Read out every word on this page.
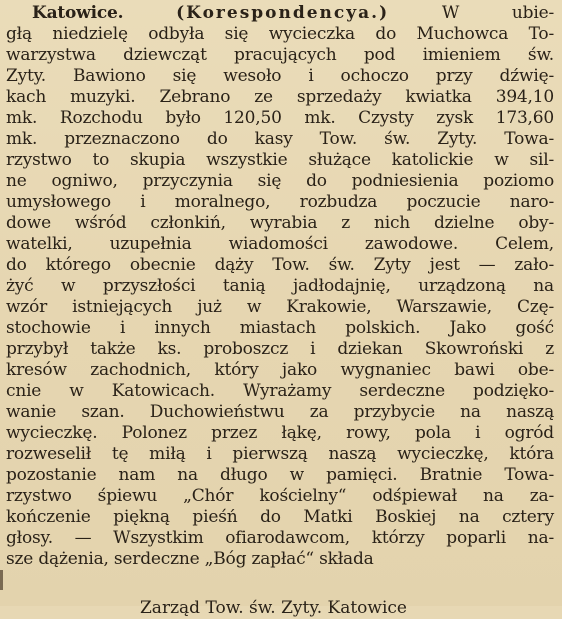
Katowice.	(Korespondencya.)	W ubie-
głą niedzielę odbyła się wycieczka do Muchowca To-
warzystwa dziewcząt pracujących pod imieniem św.
Zyty. Bawiono się wesoło i ochoczo przy dźwię-
kach muzyki. Zebrano ze sprzedaży kwiatka 394,10
mk. Rozchodu było 120,50 mk. Czysty zysk 173,60
mk. przeznaczono do kasy Tow. św. Zyty. Towa-
rzystwo to skupia wszystkie służące katolickie w sil-
ne ogniwo, przyczynia się do podniesienia poziomo
umysłowego i moralnego, rozbudza poczucie naro-
dowe wśród członkiń, wyrabia z nich dzielne oby-
watelki, uzupełnia wiadomości zawodowe. Celem,
do którego obecnie dąży Tow. św. Zyty jest — zało-
żyć w przyszłości tanią jadłodajnię, urządzoną na
wzór istniejących już w Krakowie, Warszawie, Czę-
stochowie i innych miastach polskich. Jako gość
przybył także ks. proboszcz i dziekan Skowroński z
kresów zachodnich, który jako wygnaniec bawi obe-
cnie w Katowicach. Wyrażamy serdeczne podzięko-
wanie szan. Duchowieństwu za przybycie na naszą
wycieczkę. Polonez przez łąkę, rowy, pola i ogród
rozweselił tę miłą i pierwszą naszą wycieczkę, która
pozostanie nam na długo w pamięci. Bratnie Towa-
rzystwo śpiewu „Chór kościelny“ odśpiewał na za-
kończenie piękną pieśń do Matki Boskiej na cztery
głosy. — Wszystkim ofiarodawcom, którzy poparli na-
sze dążenia, serdeczne „Bóg zapłać“ składa
Zarząd Tow. św. Zyty. Katowice
